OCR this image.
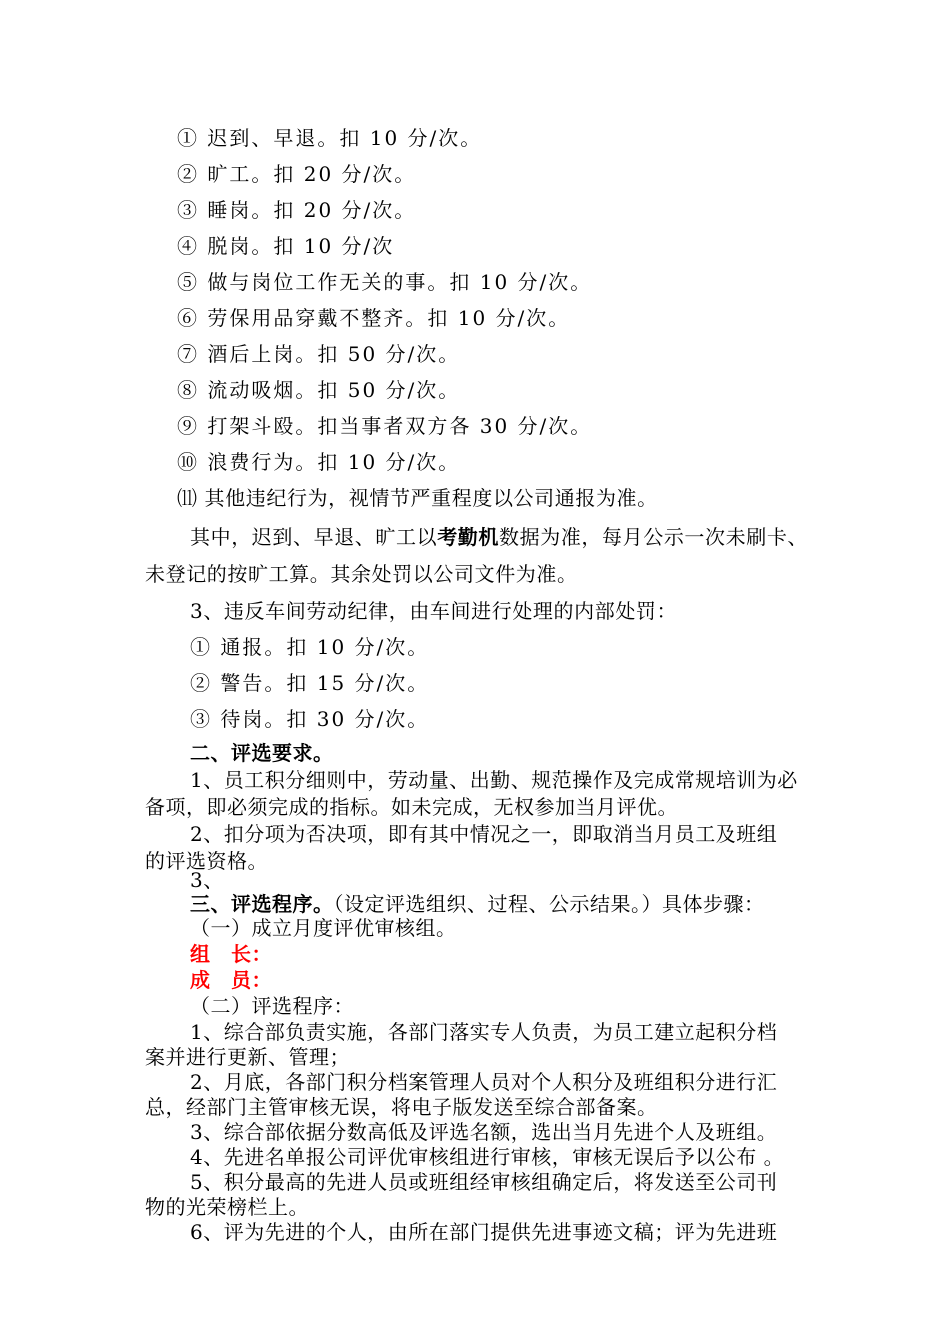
① 迟到、早退。扣 10 分/次。
② 旷工。扣 20 分/次。
③ 睡岗。扣 20 分/次。
④ 脱岗。扣 10 分/次
⑤ 做与岗位工作无关的事。扣 10 分/次。
⑥ 劳保用品穿戴不整齐。扣 10 分/次。
⑦ 酒后上岗。扣 50 分/次。
⑧ 流动吸烟。扣 50 分/次。
⑨ 打架斗殴。扣当事者双方各 30 分/次。
⑩ 浪费行为。扣 10 分/次。
⑾ 其他违纪行为，视情节严重程度以公司通报为准。
其中，迟到、早退、旷工以考勤机数据为准，每月公示一次未刷卡、
未登记的按旷工算。其余处罚以公司文件为准。
3、违反车间劳动纪律，由车间进行处理的内部处罚：
① 通报。扣 10 分/次。
② 警告。扣 15 分/次。
③ 待岗。扣 30 分/次。
二、评选要求。
1、员工积分细则中，劳动量、出勤、规范操作及完成常规培训为必
备项，即必须完成的指标。如未完成，无权参加当月评优。
2、扣分项为否决项，即有其中情况之一，即取消当月员工及班组
的评选资格。
3、
三、评选程序。（设定评选组织、过程、公示结果。）具体步骤：
（一）成立月度评优审核组。
组　长：
成　员：
（二）评选程序：
1、综合部负责实施，各部门落实专人负责，为员工建立起积分档
案并进行更新、管理；
2、月底，各部门积分档案管理人员对个人积分及班组积分进行汇
总，经部门主管审核无误，将电子版发送至综合部备案。
3、综合部依据分数高低及评选名额，选出当月先进个人及班组。
4、先进名单报公司评优审核组进行审核，审核无误后予以公布 。
5、积分最高的先进人员或班组经审核组确定后，将发送至公司刊
物的光荣榜栏上。
6、评为先进的个人，由所在部门提供先进事迹文稿；评为先进班
